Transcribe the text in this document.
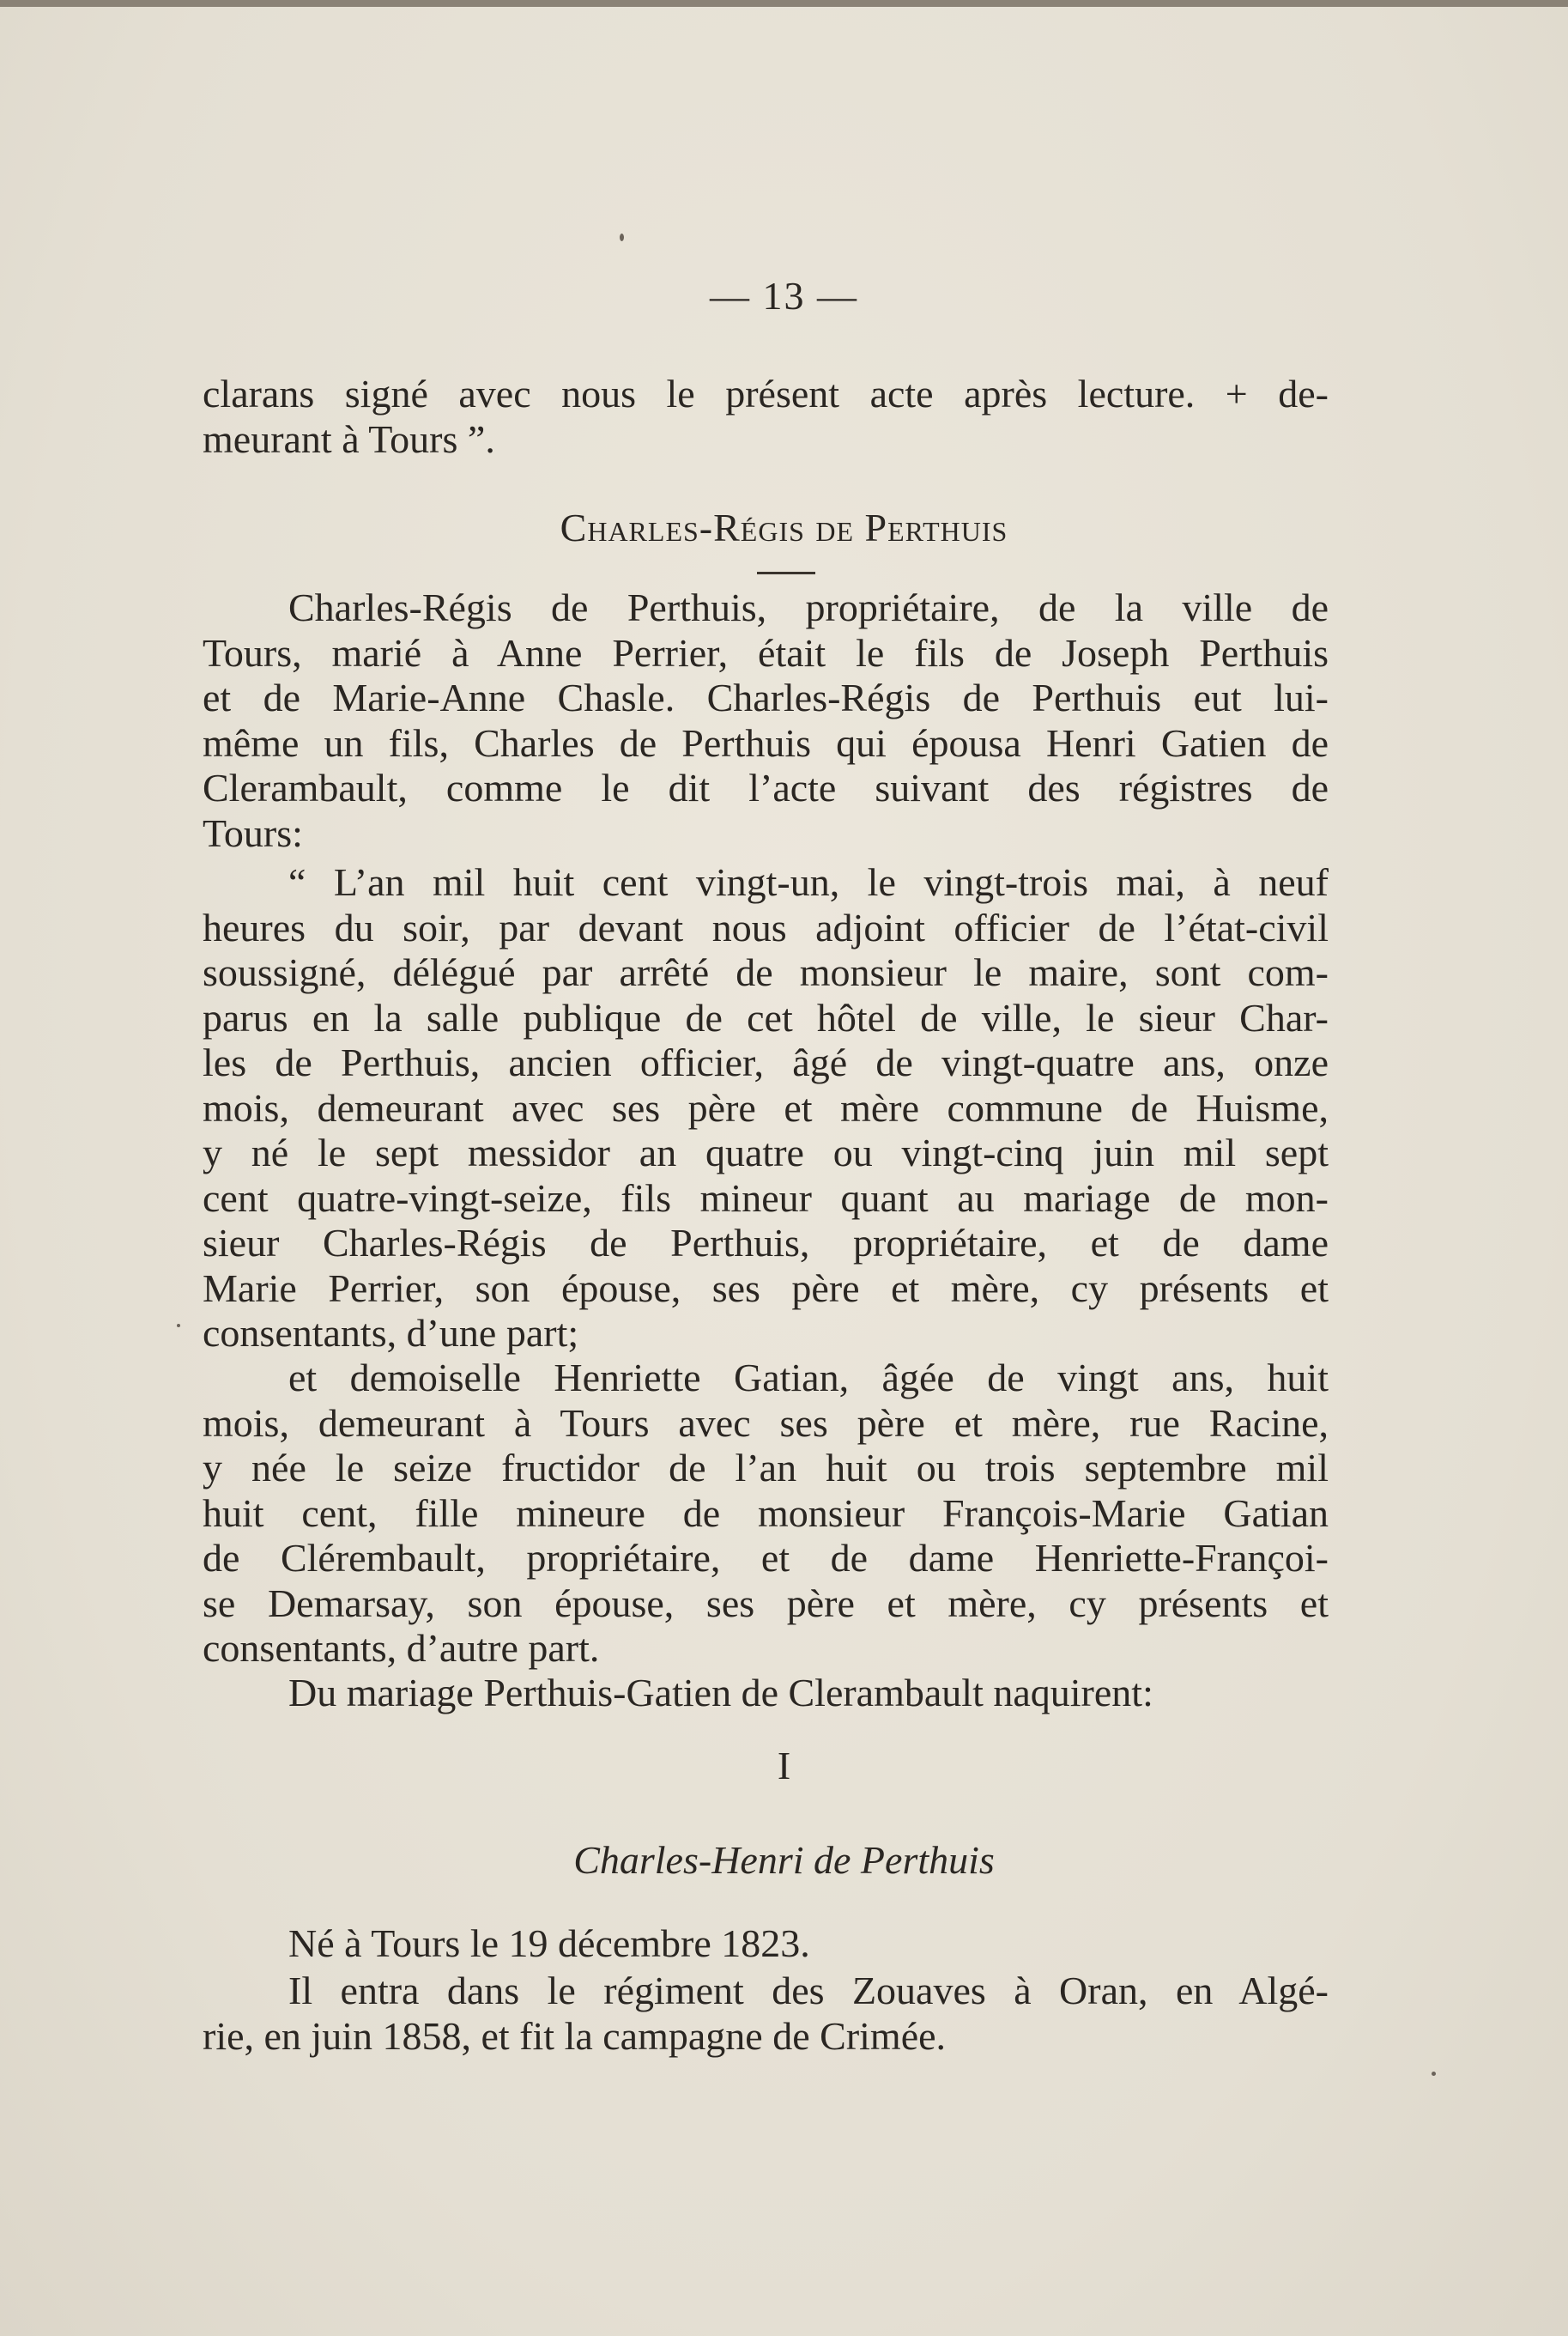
— 13 —
clarans signé avec nous le présent acte après lecture. + de-
meurant à Tours ”.
Charles-Régis de Perthuis
Charles-Régis de Perthuis, propriétaire, de la ville de
Tours, marié à Anne Perrier, était le fils de Joseph Perthuis
et de Marie-Anne Chasle. Charles-Régis de Perthuis eut lui-
même un fils, Charles de Perthuis qui épousa Henri Gatien de
Clerambault, comme le dit l’acte suivant des régistres de
Tours:
“ L’an mil huit cent vingt-un, le vingt-trois mai, à neuf
heures du soir, par devant nous adjoint officier de l’état-civil
soussigné, délégué par arrêté de monsieur le maire, sont com-
parus en la salle publique de cet hôtel de ville, le sieur Char-
les de Perthuis, ancien officier, âgé de vingt-quatre ans, onze
mois, demeurant avec ses père et mère commune de Huisme,
y né le sept messidor an quatre ou vingt-cinq juin mil sept
cent quatre-vingt-seize, fils mineur quant au mariage de mon-
sieur Charles-Régis de Perthuis, propriétaire, et de dame
Marie Perrier, son épouse, ses père et mère, cy présents et
consentants, d’une part;
et demoiselle Henriette Gatian, âgée de vingt ans, huit
mois, demeurant à Tours avec ses père et mère, rue Racine,
y née le seize fructidor de l’an huit ou trois septembre mil
huit cent, fille mineure de monsieur François-Marie Gatian
de Clérembault, propriétaire, et de dame Henriette-Françoi-
se Demarsay, son épouse, ses père et mère, cy présents et
consentants, d’autre part.
Du mariage Perthuis-Gatien de Clerambault naquirent:
I
Charles-Henri de Perthuis
Né à Tours le 19 décembre 1823.
Il entra dans le régiment des Zouaves à Oran, en Algé-
rie, en juin 1858, et fit la campagne de Crimée.
